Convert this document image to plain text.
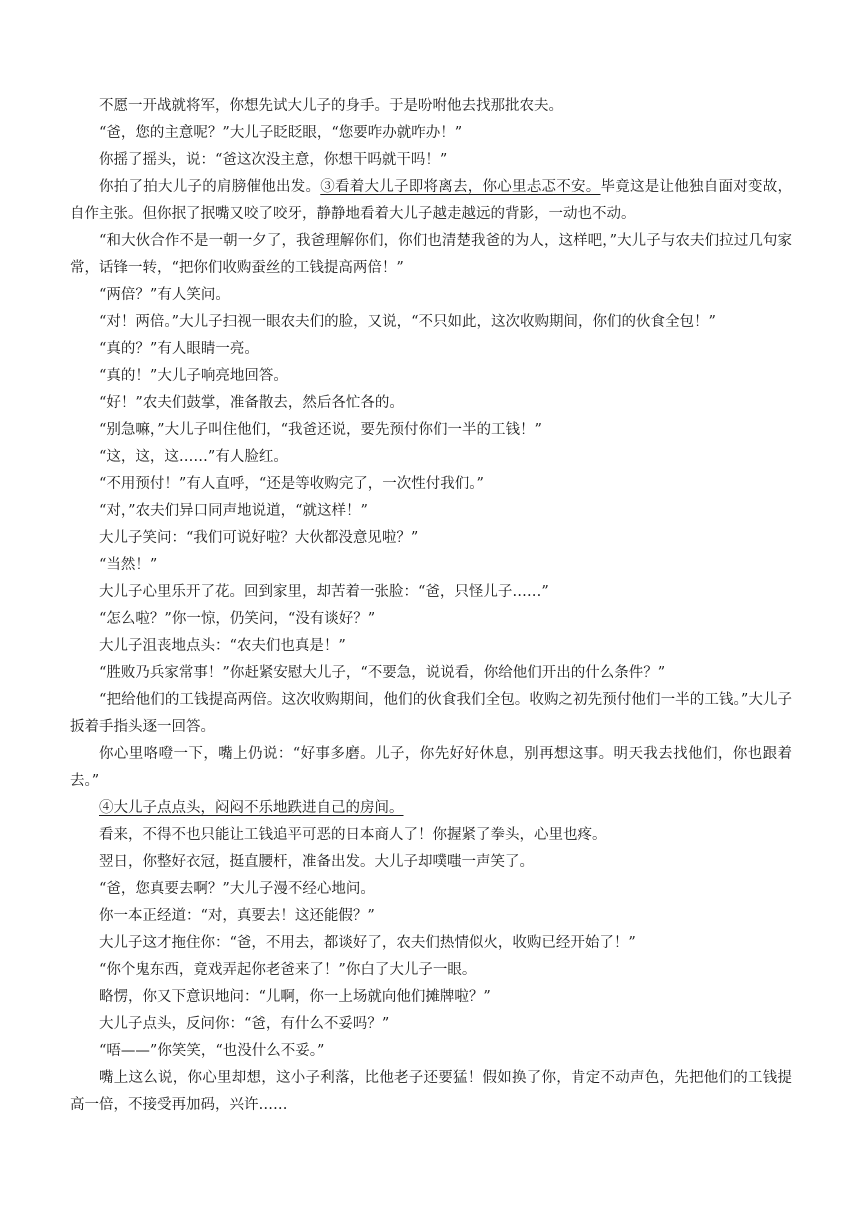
不愿一开战就将军，你想先试大儿子的身手。于是吩咐他去找那批农夫。

“爸，您的主意呢？”大儿子眨眨眼，“您要咋办就咋办！”

你摇了摇头，说：“爸这次没主意，你想干吗就干吗！”

你拍了拍大儿子的肩膀催他出发。③看着大儿子即将离去，你心里忐忑不安。毕竟这是让他独自面对变故，自作主张。但你抿了抿嘴又咬了咬牙，静静地看着大儿子越走越远的背影，一动也不动。

“和大伙合作不是一朝一夕了，我爸理解你们，你们也清楚我爸的为人，这样吧，”大儿子与农夫们拉过几句家常，话锋一转，“把你们收购蚕丝的工钱提高两倍！”

“两倍？”有人笑问。

“对！两倍。”大儿子扫视一眼农夫们的脸，又说，“不只如此，这次收购期间，你们的伙食全包！”

“真的？”有人眼睛一亮。

“真的！”大儿子响亮地回答。

“好！”农夫们鼓掌，准备散去，然后各忙各的。

“别急嘛，”大儿子叫住他们，“我爸还说，要先预付你们一半的工钱！”

“这，这，这……”有人脸红。

“不用预付！”有人直呼，“还是等收购完了，一次性付我们。”

“对，”农夫们异口同声地说道，“就这样！”

大儿子笑问：“我们可说好啦？大伙都没意见啦？”

“当然！”

大儿子心里乐开了花。回到家里，却苦着一张脸：“爸，只怪儿子……”

“怎么啦？”你一惊，仍笑问，“没有谈好？”

大儿子沮丧地点头：“农夫们也真是！”

“胜败乃兵家常事！”你赶紧安慰大儿子，“不要急，说说看，你给他们开出的什么条件？”

“把给他们的工钱提高两倍。这次收购期间，他们的伙食我们全包。收购之初先预付他们一半的工钱。”大儿子扳着手指头逐一回答。

你心里咯噔一下，嘴上仍说：“好事多磨。儿子，你先好好休息，别再想这事。明天我去找他们，你也跟着去。”

④大儿子点点头，闷闷不乐地跌进自己的房间。

看来，不得不也只能让工钱追平可恶的日本商人了！你握紧了拳头，心里也疼。

翌日，你整好衣冠，挺直腰杆，准备出发。大儿子却噗嗤一声笑了。

“爸，您真要去啊？”大儿子漫不经心地问。

你一本正经道：“对，真要去！这还能假？”

大儿子这才拖住你：“爸，不用去，都谈好了，农夫们热情似火，收购已经开始了！”

“你个鬼东西，竟戏弄起你老爸来了！”你白了大儿子一眼。

略愣，你又下意识地问：“儿啊，你一上场就向他们摊牌啦？”

大儿子点头，反问你：“爸，有什么不妥吗？”

“唔——”你笑笑，“也没什么不妥。”

嘴上这么说，你心里却想，这小子利落，比他老子还要猛！假如换了你，肯定不动声色，先把他们的工钱提高一倍，不接受再加码，兴许……
